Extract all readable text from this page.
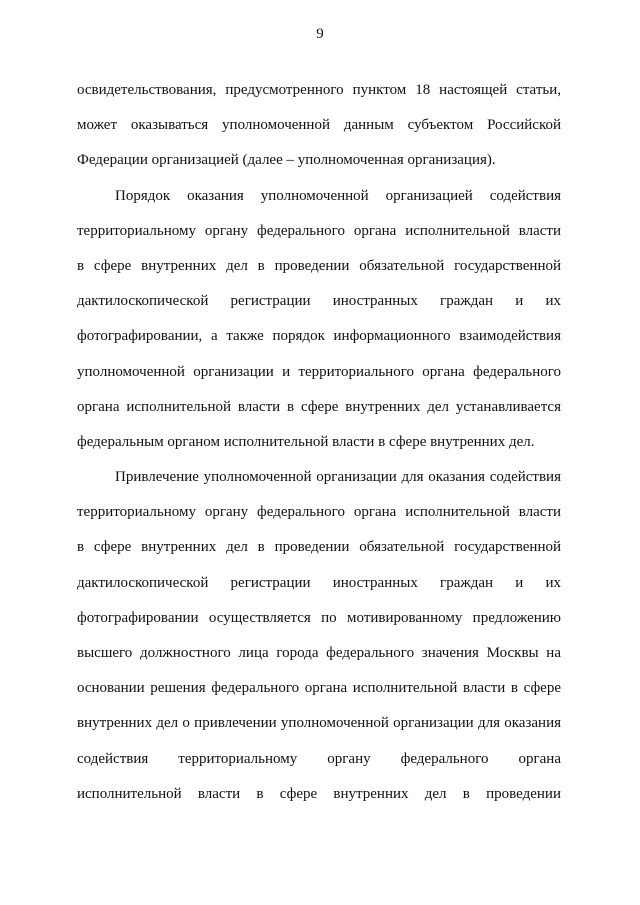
9
освидетельствования, предусмотренного пунктом 18 настоящей статьи,
может оказываться уполномоченной данным субъектом Российской
Федерации организацией (далее – уполномоченная организация).
Порядок оказания уполномоченной организацией содействия
территориальному органу федерального органа исполнительной власти
в сфере внутренних дел в проведении обязательной государственной
дактилоскопической регистрации иностранных граждан и их
фотографировании, а также порядок информационного взаимодействия
уполномоченной организации и территориального органа федерального
органа исполнительной власти в сфере внутренних дел устанавливается
федеральным органом исполнительной власти в сфере внутренних дел.
Привлечение уполномоченной организации для оказания содействия
территориальному органу федерального органа исполнительной власти
в сфере внутренних дел в проведении обязательной государственной
дактилоскопической регистрации иностранных граждан и их
фотографировании осуществляется по мотивированному предложению
высшего должностного лица города федерального значения Москвы на
основании решения федерального органа исполнительной власти в сфере
внутренних дел о привлечении уполномоченной организации для оказания
содействия территориальному органу федерального органа
исполнительной власти в сфере внутренних дел в проведении
